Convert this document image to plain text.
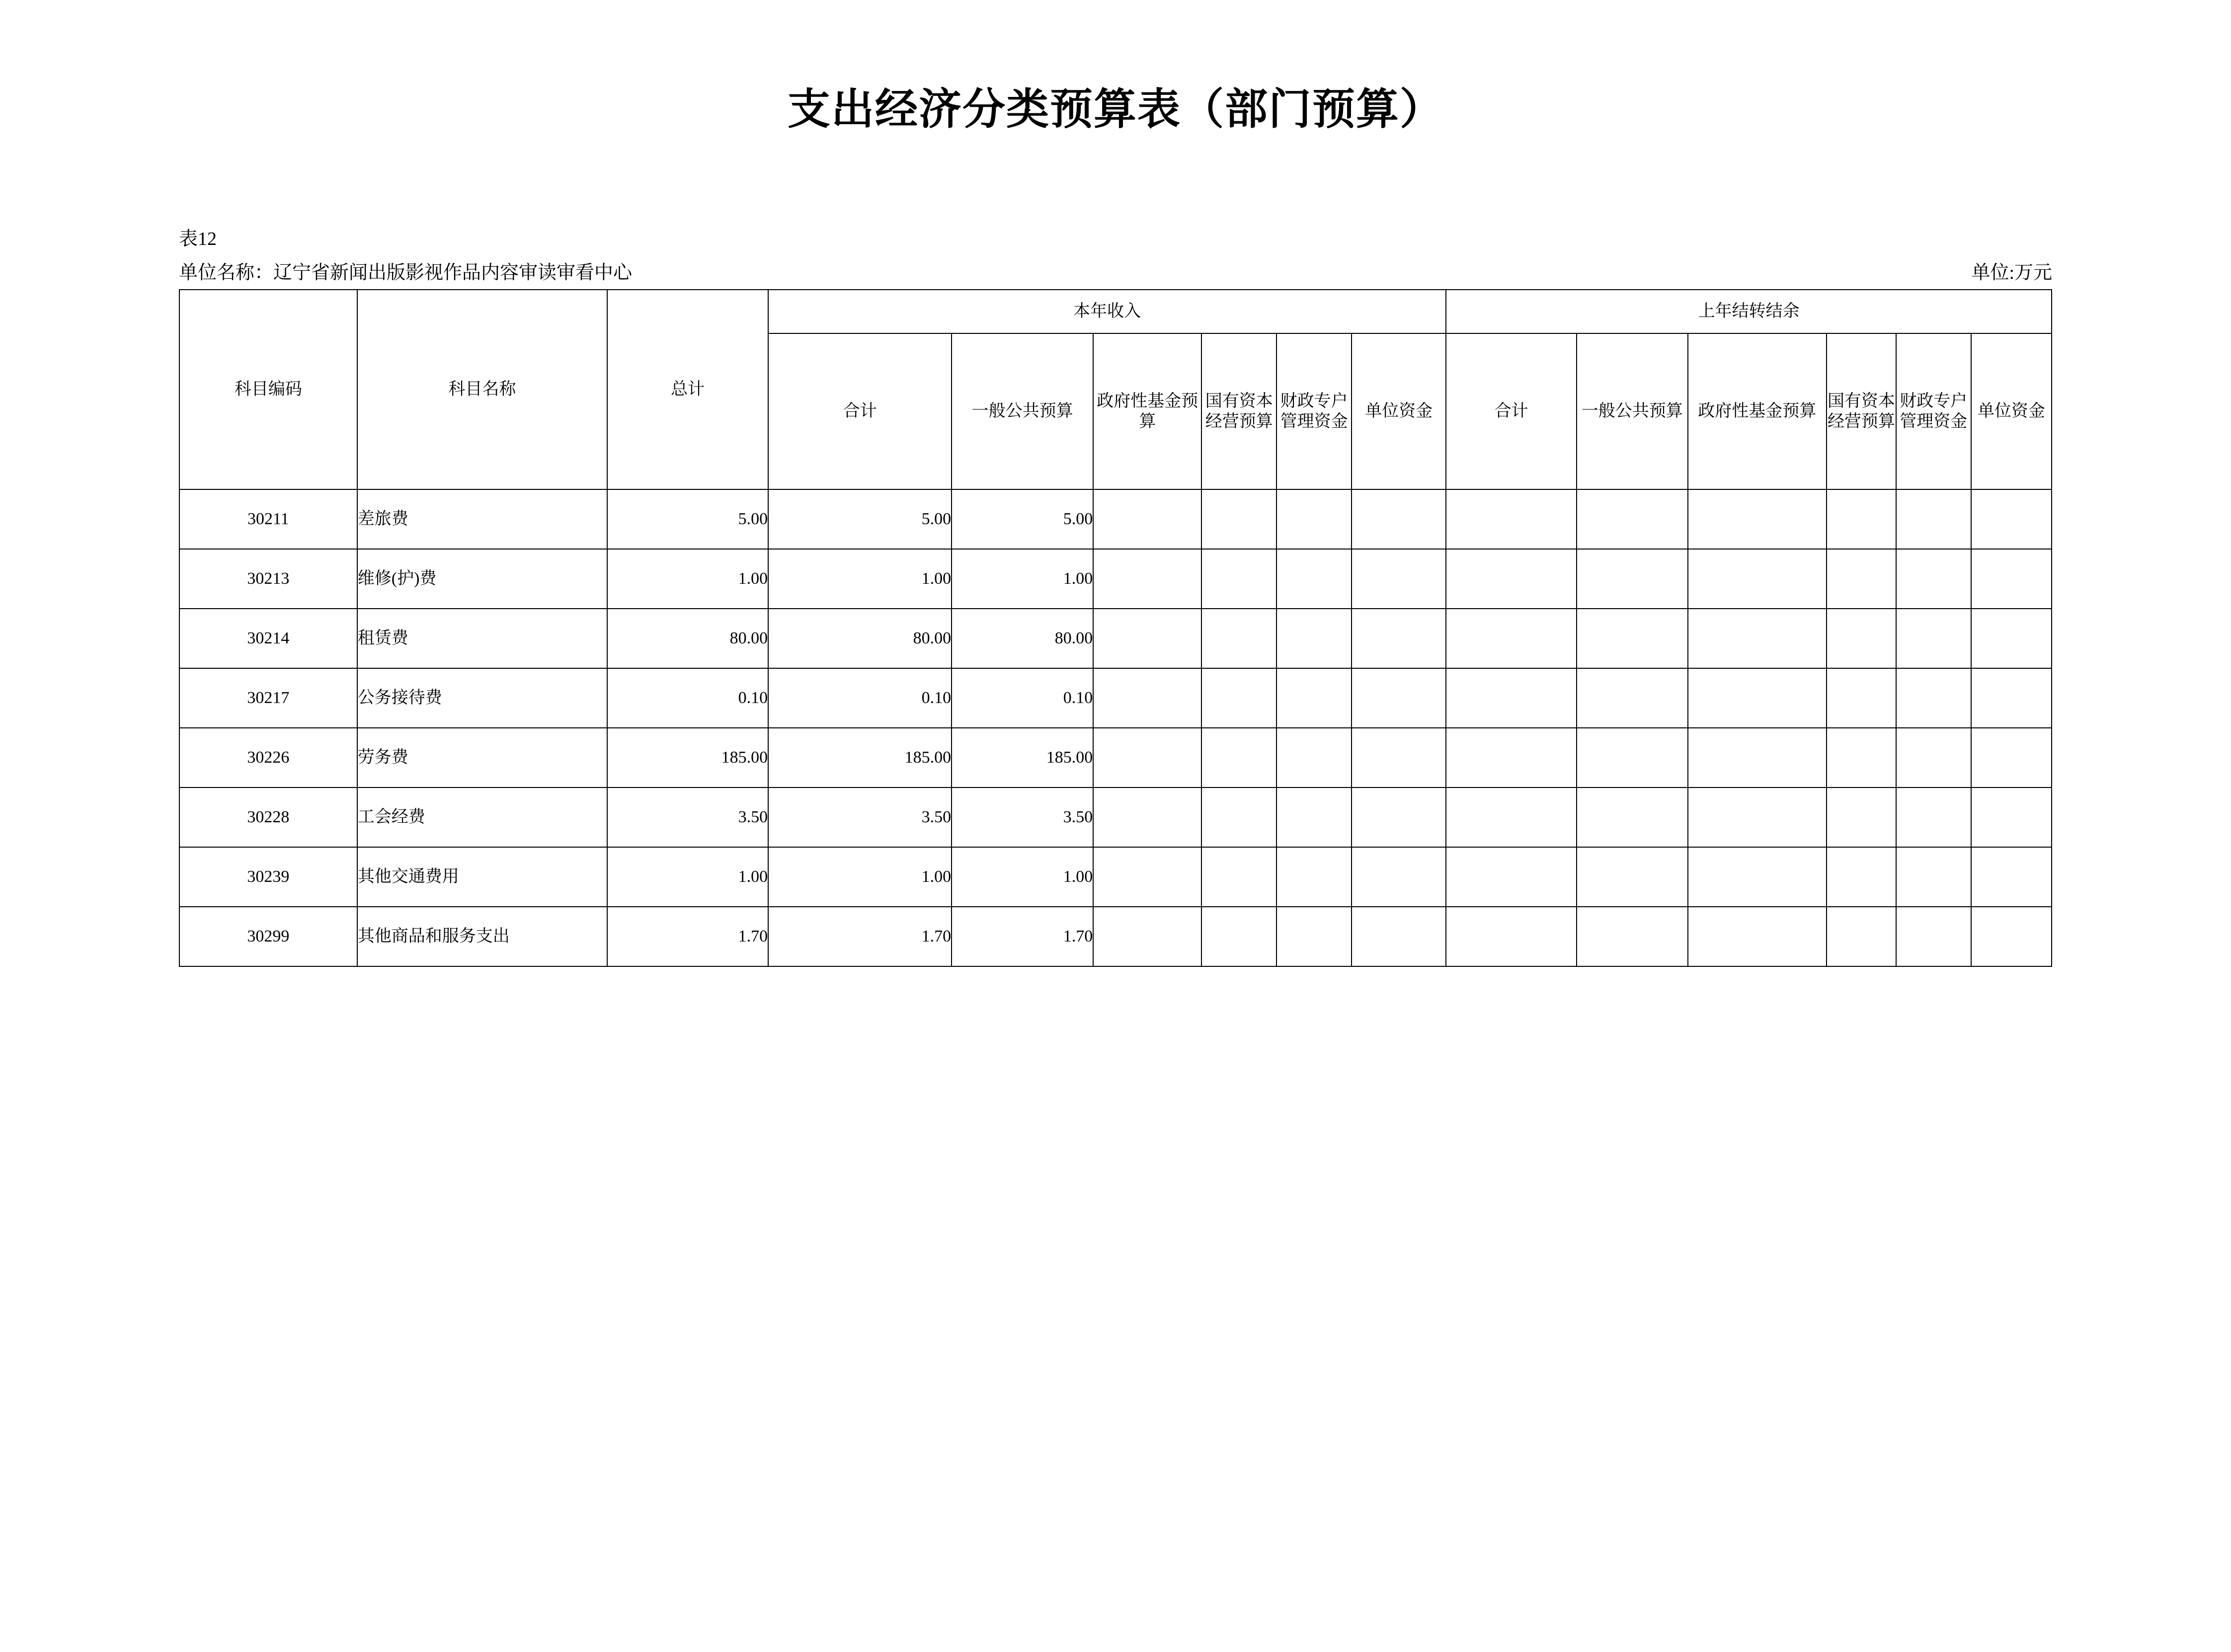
支出经济分类预算表（部门预算）
表12
单位名称：辽宁省新闻出版影视作品内容审读审看中心	单位:万元
科目编码	科目名称	总计	本年收入						上年结转结余					
			合计	一般公共预算	政府性基金预算	国有资本经营预算	财政专户管理资金	单位资金	合计	一般公共预算	政府性基金预算	国有资本经营预算	财政专户管理资金	单位资金
30211	差旅费	5.00	5.00	5.00										
30213	维修(护)费	1.00	1.00	1.00										
30214	租赁费	80.00	80.00	80.00										
30217	公务接待费	0.10	0.10	0.10										
30226	劳务费	185.00	185.00	185.00										
30228	工会经费	3.50	3.50	3.50										
30239	其他交通费用	1.00	1.00	1.00										
30299	其他商品和服务支出	1.70	1.70	1.70										
